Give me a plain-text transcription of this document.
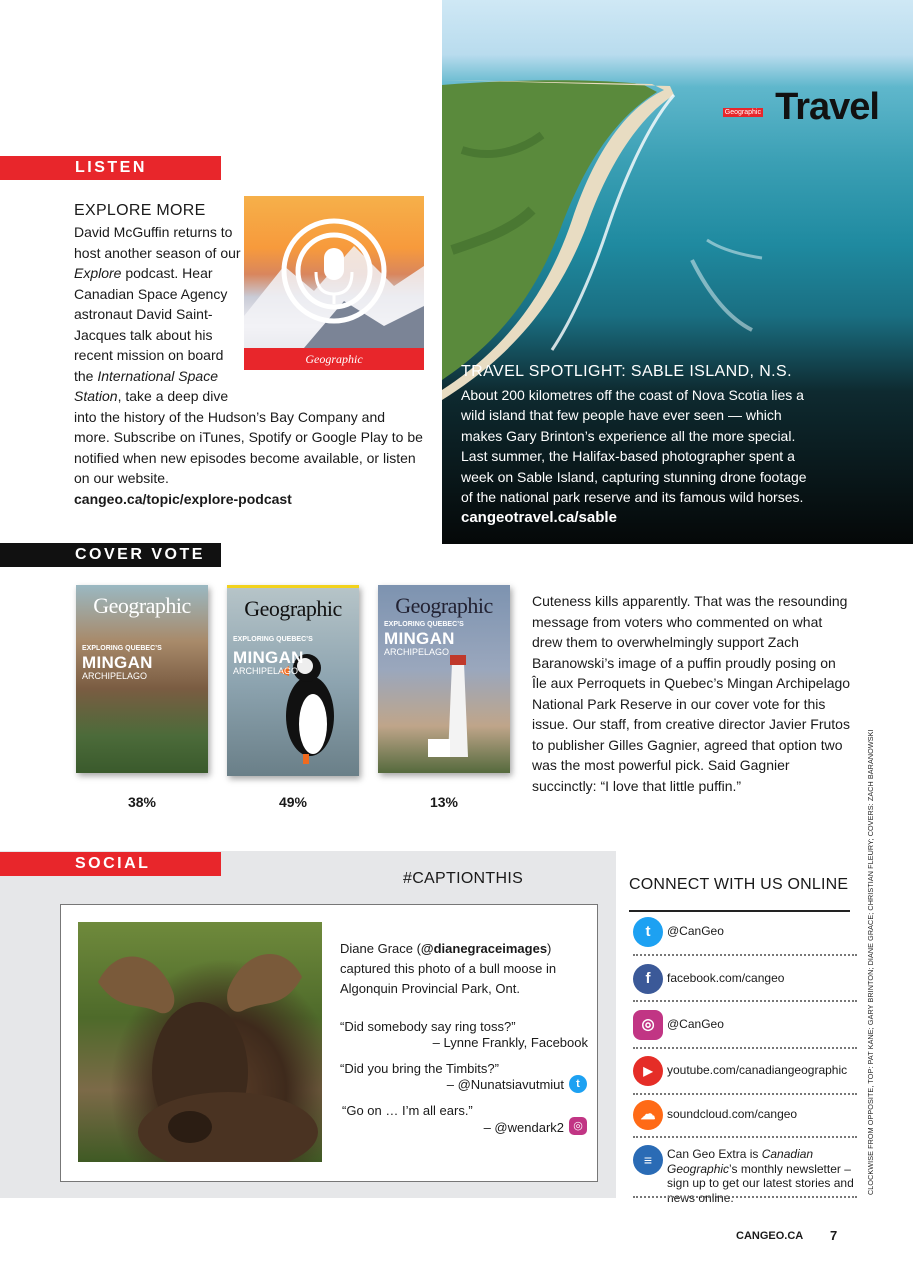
LISTEN
EXPLORE MORE
David McGuffin returns to host another season of our Explore podcast. Hear Canadian Space Agency astronaut David Saint-Jacques talk about his recent mission on board the International Space Station, take a deep dive into the history of the Hudson’s Bay Company and more. Subscribe on iTunes, Spotify or Google Play to be notified when new episodes become available, or listen on our website.
cangeo.ca/topic/explore-podcast
Geographic
Geographic Travel
TRAVEL SPOTLIGHT: SABLE ISLAND, N.S.
About 200 kilometres off the coast of Nova Scotia lies a wild island that few people have ever seen — which makes Gary Brinton’s experience all the more special. Last summer, the Halifax-based photographer spent a week on Sable Island, capturing stunning drone footage of the national park reserve and its famous wild horses.
cangeotravel.ca/sable
COVER VOTE
Geographic
EXPLORING QUEBEC’S
MINGAN
ARCHIPELAGO
Geographic
EXPLORING QUEBEC’S
MINGAN
ARCHIPELAGO
Geographic
EXPLORING QUEBEC’S
MINGAN
ARCHIPELAGO
38%	49%	13%
Cuteness kills apparently. That was the resounding message from voters who commented on what drew them to overwhelmingly support Zach Baranowski’s image of a puffin proudly posing on Île aux Perroquets in Quebec’s Mingan Archipelago National Park Reserve in our cover vote for this issue. Our staff, from creative director Javier Frutos to publisher Gilles Gagnier, agreed that option two was the most powerful pick. Said Gagnier succinctly: “I love that little puffin.”
SOCIAL
#CAPTIONTHIS
Diane Grace (@dianegraceimages) captured this photo of a bull moose in Algonquin Provincial Park, Ont.
“Did somebody say ring toss?”
– Lynne Frankly, Facebook
“Did you bring the Timbits?”
– @Nunatsiavutmiut	t
“Go on … I’m all ears.”
– @wendark2 ◎
CONNECT WITH US ONLINE
t	@CanGeo
f	facebook.com/cangeo
◎	@CanGeo
▶	youtube.com/canadiangeographic
☁ soundcloud.com/cangeo
≡	Can Geo Extra is Canadian Geographic’s monthly newsletter – sign up to get our latest stories and news online.
CLOCKWISE FROM OPPOSITE, TOP: PAT KANE; GARY BRINTON; DIANE GRACE; CHRISTIAN FLEURY; COVERS: ZACH BARANOWSKI
CANGEO.CA 7
